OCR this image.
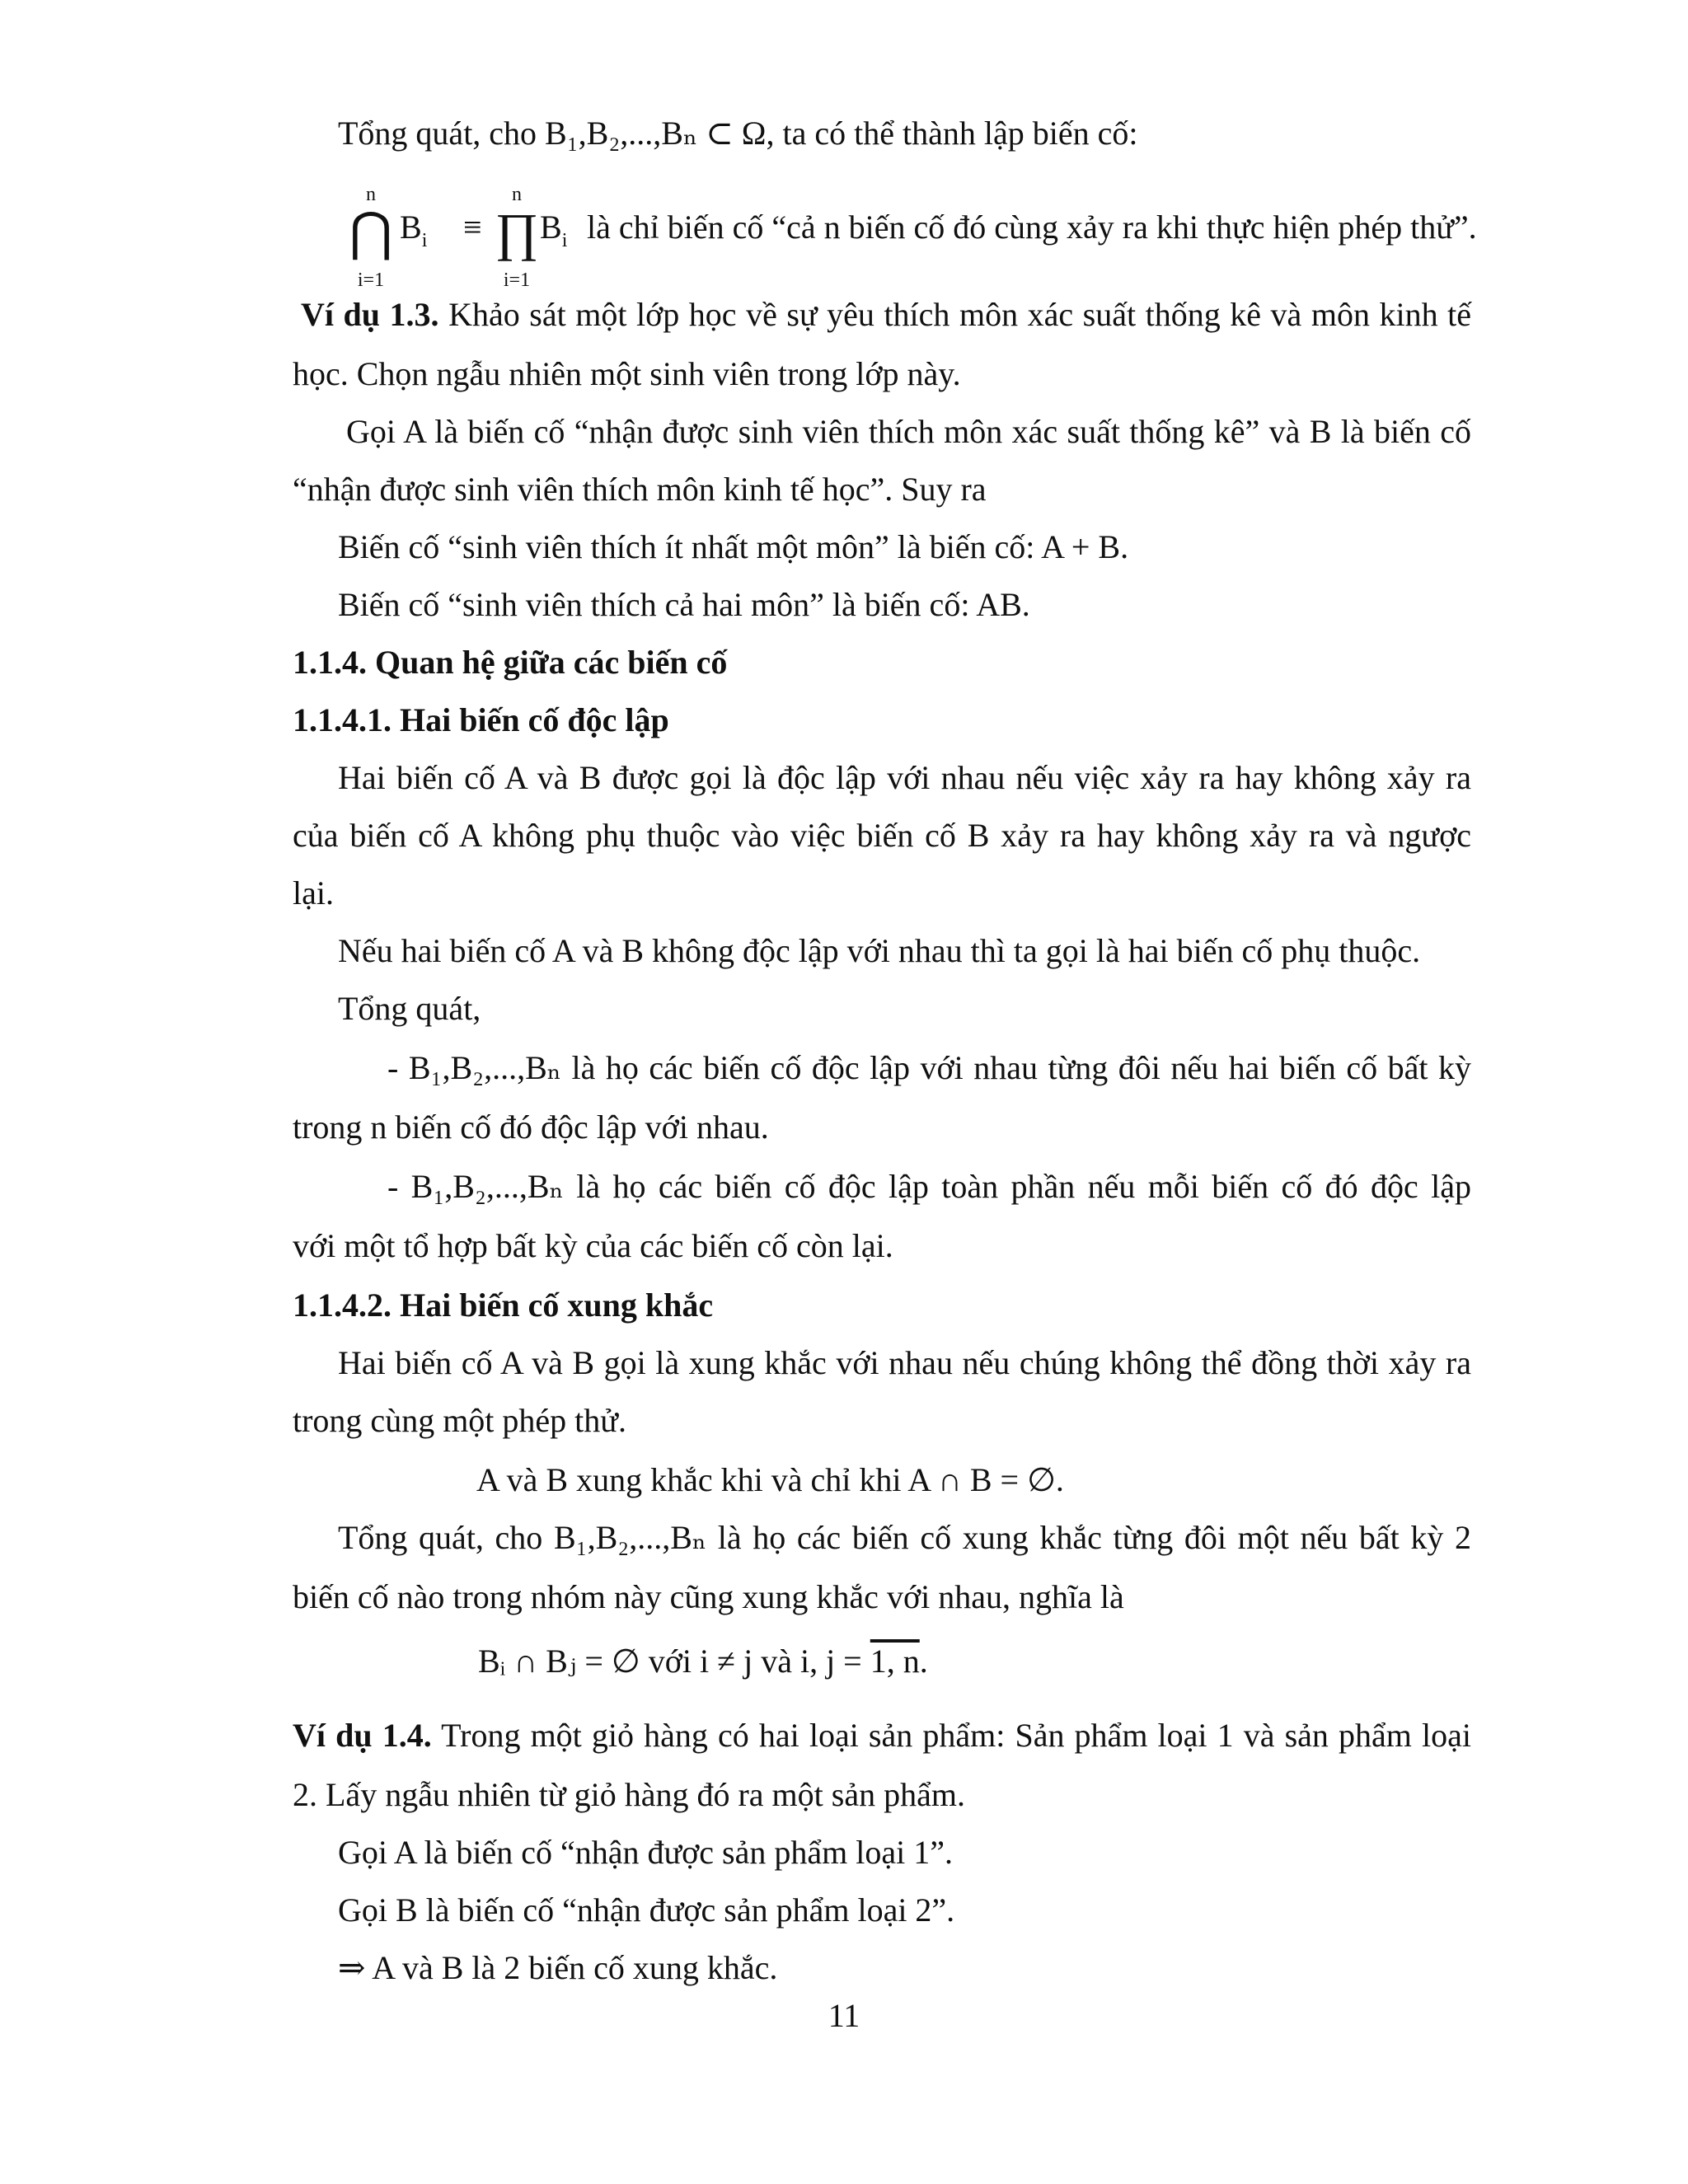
Tổng quát, cho B₁,B₂,...,Bₙ ⊂ Ω, ta có thể thành lập biến cố:
n
⋂
i=1
$B_i$	≡
n
∏
i=1
$B_i$ là chỉ biến cố “cả n biến cố đó cùng xảy ra khi thực hiện phép thử”.
Ví dụ 1.3. Khảo sát một lớp học về sự yêu thích môn xác suất thống kê và môn kinh tế
học. Chọn ngẫu nhiên một sinh viên trong lớp này.
Gọi A là biến cố “nhận được sinh viên thích môn xác suất thống kê” và B là biến cố
“nhận được sinh viên thích môn kinh tế học”. Suy ra
Biến cố “sinh viên thích ít nhất một môn” là biến cố: A + B.
Biến cố “sinh viên thích cả hai môn” là biến cố: AB.
1.1.4. Quan hệ giữa các biến cố
1.1.4.1. Hai biến cố độc lập
Hai biến cố A và B được gọi là độc lập với nhau nếu việc xảy ra hay không xảy ra
của biến cố A không phụ thuộc vào việc biến cố B xảy ra hay không xảy ra và ngược
lại.
Nếu hai biến cố A và B không độc lập với nhau thì ta gọi là hai biến cố phụ thuộc.
Tổng quát,
- B₁,B₂,...,Bₙ là họ các biến cố độc lập với nhau từng đôi nếu hai biến cố bất kỳ
trong n biến cố đó độc lập với nhau.
- B₁,B₂,...,Bₙ là họ các biến cố độc lập toàn phần nếu mỗi biến cố đó độc lập
với một tổ hợp bất kỳ của các biến cố còn lại.
1.1.4.2. Hai biến cố xung khắc
Hai biến cố A và B gọi là xung khắc với nhau nếu chúng không thể đồng thời xảy ra
trong cùng một phép thử.
A và B xung khắc khi và chỉ khi A ∩ B = ∅.
Tổng quát, cho B₁,B₂,...,Bₙ là họ các biến cố xung khắc từng đôi một nếu bất kỳ 2
biến cố nào trong nhóm này cũng xung khắc với nhau, nghĩa là
Bᵢ ∩ Bⱼ = ∅ với i ≠ j và i, j = 1, n.
Ví dụ 1.4. Trong một giỏ hàng có hai loại sản phẩm: Sản phẩm loại 1 và sản phẩm loại
2. Lấy ngẫu nhiên từ giỏ hàng đó ra một sản phẩm.
Gọi A là biến cố “nhận được sản phẩm loại 1”.
Gọi B là biến cố “nhận được sản phẩm loại 2”.
⇒ A và B là 2 biến cố xung khắc.
11
